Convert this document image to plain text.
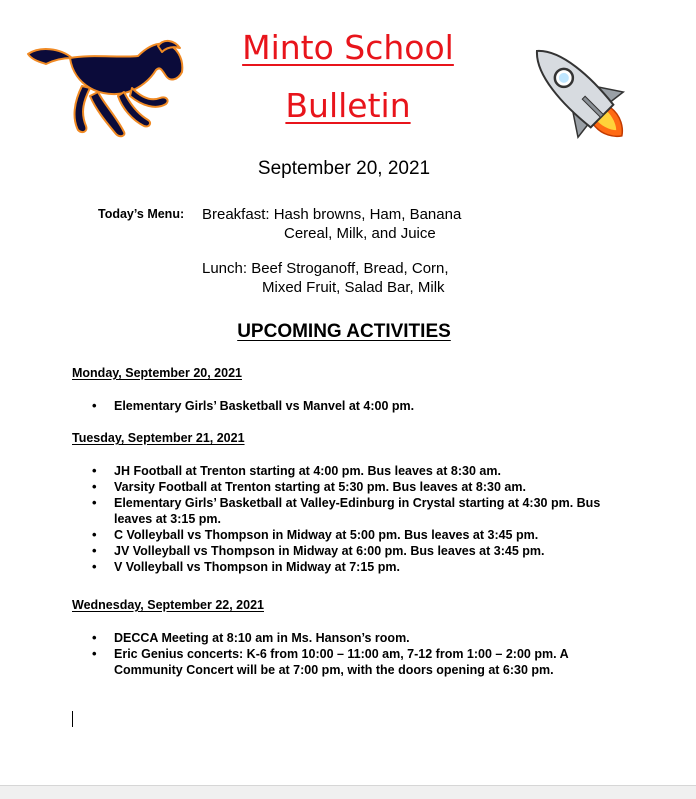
Minto School
Bulletin
September 20, 2021
Today’s Menu: Breakfast: Hash browns, Ham, Banana
Cereal, Milk, and Juice
Lunch: Beef Stroganoff, Bread, Corn,
Mixed Fruit, Salad Bar, Milk
UPCOMING ACTIVITIES
Monday, September 20, 2021
• Elementary Girls’ Basketball vs Manvel at 4:00 pm.
Tuesday, September 21, 2021
• JH Football at Trenton starting at 4:00 pm. Bus leaves at 8:30 am.
• Varsity Football at Trenton starting at 5:30 pm. Bus leaves at 8:30 am.
• Elementary Girls’ Basketball at Valley-Edinburg in Crystal starting at 4:30 pm. Bus leaves at 3:15 pm.
• C Volleyball vs Thompson in Midway at 5:00 pm. Bus leaves at 3:45 pm.
• JV Volleyball vs Thompson in Midway at 6:00 pm. Bus leaves at 3:45 pm.
• V Volleyball vs Thompson in Midway at 7:15 pm.
Wednesday, September 22, 2021
• DECCA Meeting at 8:10 am in Ms. Hanson’s room.
• Eric Genius concerts: K-6 from 10:00 – 11:00 am, 7-12 from 1:00 – 2:00 pm. A Community Concert will be at 7:00 pm, with the doors opening at 6:30 pm.
